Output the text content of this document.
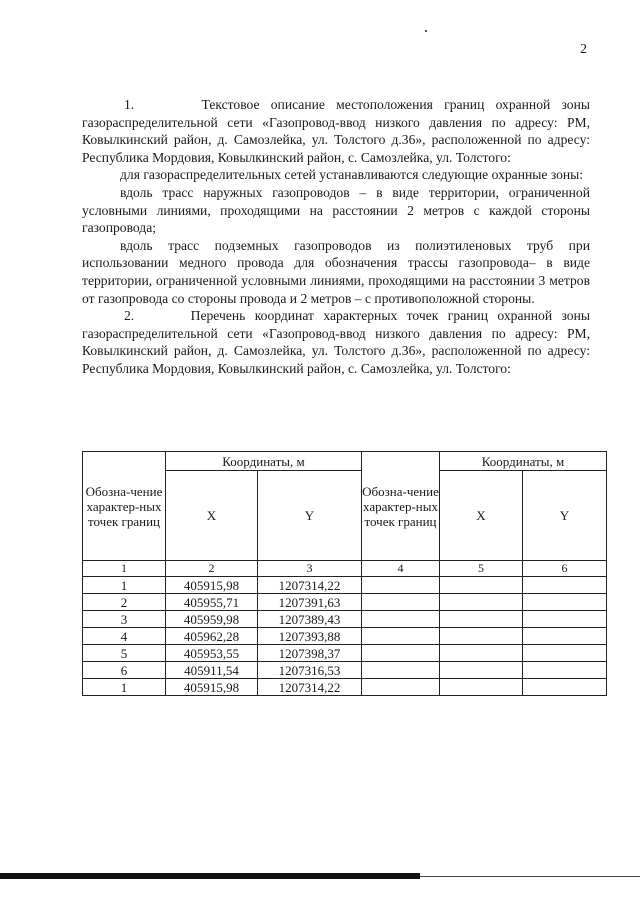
2

1.      Текстовое описание местоположения границ охранной зоны газораспределительной сети «Газопровод-ввод низкого давления по адресу: РМ, Ковылкинский район, д. Самозлейка, ул. Толстого д.36», расположенной по адресу: Республика Мордовия, Ковылкинский район, с. Самозлейка, ул. Толстого:

для газораспределительных сетей устанавливаются следующие охранные зоны:

вдоль трасс наружных газопроводов – в виде территории, ограниченной условными линиями, проходящими на расстоянии 2 метров с каждой стороны газопровода;

вдоль трасс подземных газопроводов из полиэтиленовых труб при использовании медного провода для обозначения трассы газопровода– в виде территории, ограниченной условными линиями, проходящими на расстоянии 3 метров от газопровода со стороны провода и 2 метров – с противоположной стороны.

2.      Перечень координат характерных точек границ охранной зоны газораспределительной сети «Газопровод-ввод низкого давления по адресу: РМ, Ковылкинский район, д. Самозлейка, ул. Толстого д.36», расположенной по адресу: Республика Мордовия, Ковылкинский район, с. Самозлейка, ул. Толстого:

Обозна-чение характер-ных точек границ	Координаты, м		Обозна-чение характер-ных точек границ	Координаты, м	
	X	Y		X	Y
1	2	3	4	5	6
1	405915,98	1207314,22			
2	405955,71	1207391,63			
3	405959,98	1207389,43			
4	405962,28	1207393,88			
5	405953,55	1207398,37			
6	405911,54	1207316,53			
1	405915,98	1207314,22			
